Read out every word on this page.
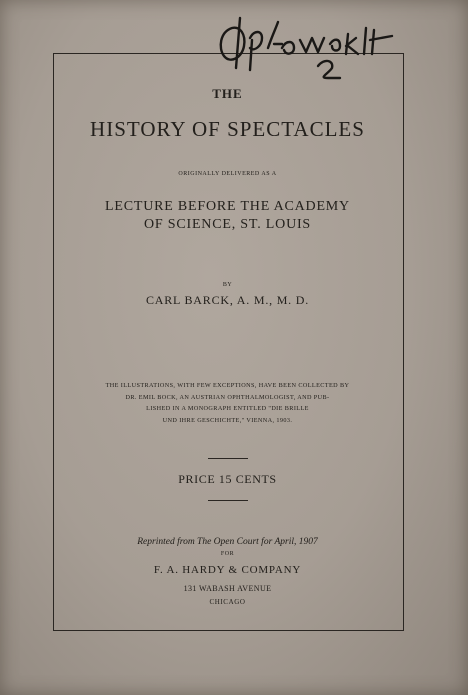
THE
HISTORY OF SPECTACLES
ORIGINALLY DELIVERED AS A
LECTURE BEFORE THE ACADEMY
OF SCIENCE, ST. LOUIS
BY
CARL BARCK, A. M., M. D.
THE ILLUSTRATIONS, WITH FEW EXCEPTIONS, HAVE BEEN COLLECTED BY
DR. EMIL BOCK, AN AUSTRIAN OPHTHALMOLOGIST, AND PUB-
LISHED IN A MONOGRAPH ENTITLED "DIE BRILLE
UND IHRE GESCHICHTE," VIENNA, 1903.
PRICE 15 CENTS
Reprinted from The Open Court for April, 1907
FOR
F. A. HARDY & COMPANY
131 WABASH AVENUE
CHICAGO
